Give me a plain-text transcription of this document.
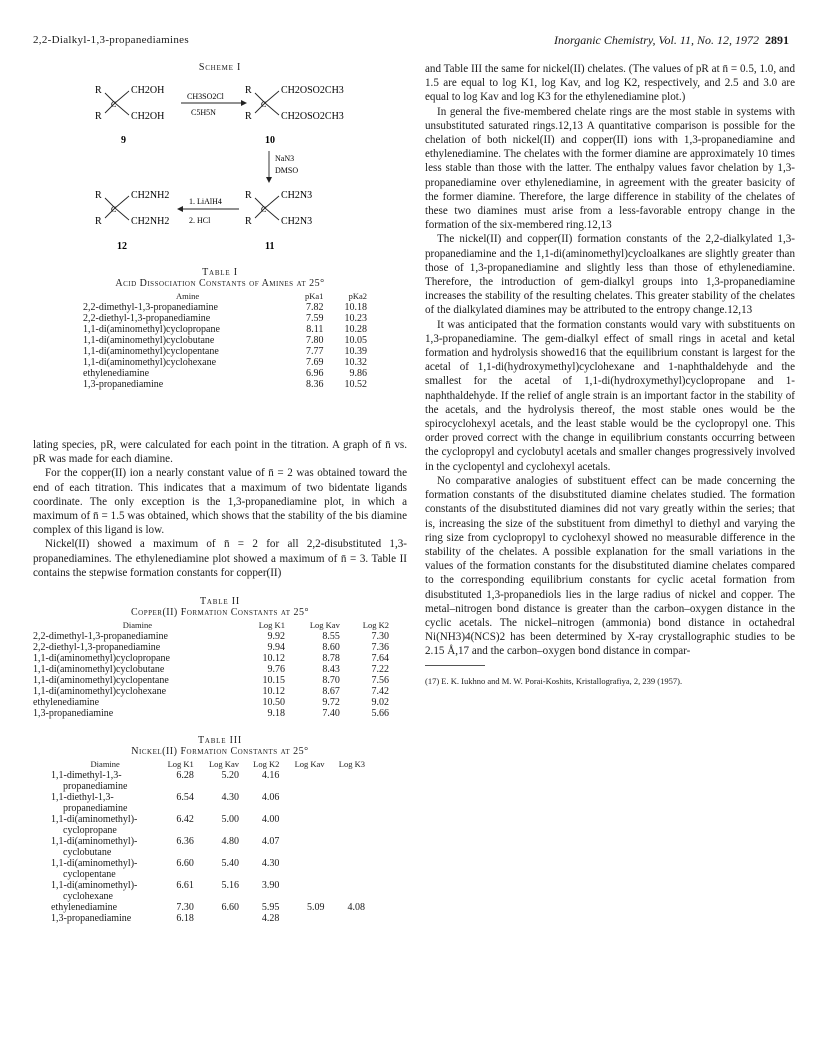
2,2-Dialkyl-1,3-propanediamines	Inorganic Chemistry, Vol. 11, No. 12, 1972 2891
Scheme I
R
R
C
CH2OH
CH2OH
9
CH3SO2Cl
C5H5N
R
R
C
CH2OSO2CH3
CH2OSO2CH3
10
NaN3
DMSO
R
R
C
CH2NH2
CH2NH2
12
1. LiAlH4
2. HCl
R
R
C
CH2N3
CH2N3
11
Table I
Acid Dissociation Constants of Amines at 25°
Amine	pKa1	pKa2
2,2-dimethyl-1,3-propanediamine	7.82	10.18
2,2-diethyl-1,3-propanediamine	7.59	10.23
1,1-di(aminomethyl)cyclopropane	8.11	10.28
1,1-di(aminomethyl)cyclobutane	7.80	10.05
1,1-di(aminomethyl)cyclopentane	7.77	10.39
1,1-di(aminomethyl)cyclohexane	7.69	10.32
ethylenediamine	6.96	9.86
1,3-propanediamine	8.36	10.52

lating species, pR, were calculated for each point in the titration. A graph of n̄ vs. pR was made for each diamine.

For the copper(II) ion a nearly constant value of n̄ = 2 was obtained toward the end of each titration. This indicates that a maximum of two bidentate ligands coordinate. The only exception is the 1,3-propanediamine plot, in which a maximum of n̄ = 1.5 was obtained, which shows that the stability of the bis diamine complex of this ligand is low.

Nickel(II) showed a maximum of n̄ = 2 for all 2,2-disubstituted 1,3-propanediamines. The ethylenediamine plot showed a maximum of n̄ = 3. Table II contains the stepwise formation constants for copper(II)

Table II
Copper(II) Formation Constants at 25°
Diamine	Log K1	Log Kav	Log K2
2,2-dimethyl-1,3-propanediamine	9.92	8.55	7.30
2,2-diethyl-1,3-propanediamine	9.94	8.60	7.36
1,1-di(aminomethyl)cyclopropane	10.12	8.78	7.64
1,1-di(aminomethyl)cyclobutane	9.76	8.43	7.22
1,1-di(aminomethyl)cyclopentane	10.15	8.70	7.56
1,1-di(aminomethyl)cyclohexane	10.12	8.67	7.42
ethylenediamine	10.50	9.72	9.02
1,3-propanediamine	9.18	7.40	5.66
Table III
Nickel(II) Formation Constants at 25°
Diamine	Log K1	Log Kav	Log K2	Log Kav	Log K3
1,1-dimethyl-1,3-	6.28	5.20	4.16		
propanediamine					
1,1-diethyl-1,3-	6.54	4.30	4.06		
propanediamine					
1,1-di(aminomethyl)-	6.42	5.00	4.00		
cyclopropane					
1,1-di(aminomethyl)-	6.36	4.80	4.07		
cyclobutane					
1,1-di(aminomethyl)-	6.60	5.40	4.30		
cyclopentane					
1,1-di(aminomethyl)-	6.61	5.16	3.90		
cyclohexane					
ethylenediamine	7.30	6.60	5.95	5.09	4.08
1,3-propanediamine	6.18		4.28		

and Table III the same for nickel(II) chelates. (The values of pR at n̄ = 0.5, 1.0, and 1.5 are equal to log K1, log Kav, and log K2, respectively, and 2.5 and 3.0 are equal to log Kav and log K3 for the ethylenediamine plot.)

In general the five-membered chelate rings are the most stable in systems with unsubstituted saturated rings.12,13 A quantitative comparison is possible for the chelation of both nickel(II) and copper(II) ions with 1,3-propanediamine and ethylenediamine. The chelates with the former diamine are approximately 10 times less stable than those with the latter. The enthalpy values favor chelation by 1,3-propanediamine over ethylenediamine, in agreement with the greater basicity of the former diamine. Therefore, the large difference in stability of the chelates of these two diamines must arise from a less-favorable entropy change in the formation of the six-membered ring.12,13

The nickel(II) and copper(II) formation constants of the 2,2-dialkylated 1,3-propanediamine and the 1,1-di(aminomethyl)cycloalkanes are slightly greater than those of 1,3-propanediamine and slightly less than those of ethylenediamine. Therefore, the introduction of gem-dialkyl groups into 1,3-propanediamine increases the stability of the resulting chelates. This greater stability of the chelates of the dialkylated diamines may be attributed to the entropy change.12,13

It was anticipated that the formation constants would vary with substituents on 1,3-propanediamine. The gem-dialkyl effect of small rings in acetal and ketal formation and hydrolysis showed16 that the equilibrium constant is largest for the acetal of 1,1-di(hydroxymethyl)cyclohexane and 1-naphthaldehyde and the smallest for the acetal of 1,1-di(hydroxymethyl)cyclopropane and 1-naphthaldehyde. If the relief of angle strain is an important factor in the stability of the acetals, and the hydrolysis thereof, the most stable ones would be the spirocyclohexyl acetals, and the least stable would be the cyclopropyl one. This order proved correct with the change in equilibrium constants occurring between the cyclopropyl and cyclobutyl acetals and smaller changes progressively involved in the cyclopentyl and cyclohexyl acetals.

No comparative analogies of substituent effect can be made concerning the formation constants of the disubstituted diamine chelates studied. The formation constants of the disubstituted diamines did not vary greatly within the series; that is, increasing the size of the substituent from dimethyl to diethyl and varying the ring size from cyclopropyl to cyclohexyl showed no measurable difference in the stability of the chelates. A possible explanation for the small variations in the values of the formation constants for the disubstituted diamine chelates compared to the corresponding equilibrium constants for cyclic acetal formation from disubstituted 1,3-propanediols lies in the large radius of nickel and copper. The metal–nitrogen bond distance is greater than the carbon–oxygen distance in the cyclic acetals. The nickel–nitrogen (ammonia) bond distance in octahedral Ni(NH3)4(NCS)2 has been determined by X-ray crystallographic studies to be 2.15 Å,17 and the carbon–oxygen bond distance in compar-

(17) E. K. Iukhno and M. W. Porai-Koshits, Kristallografiya, 2, 239 (1957).
